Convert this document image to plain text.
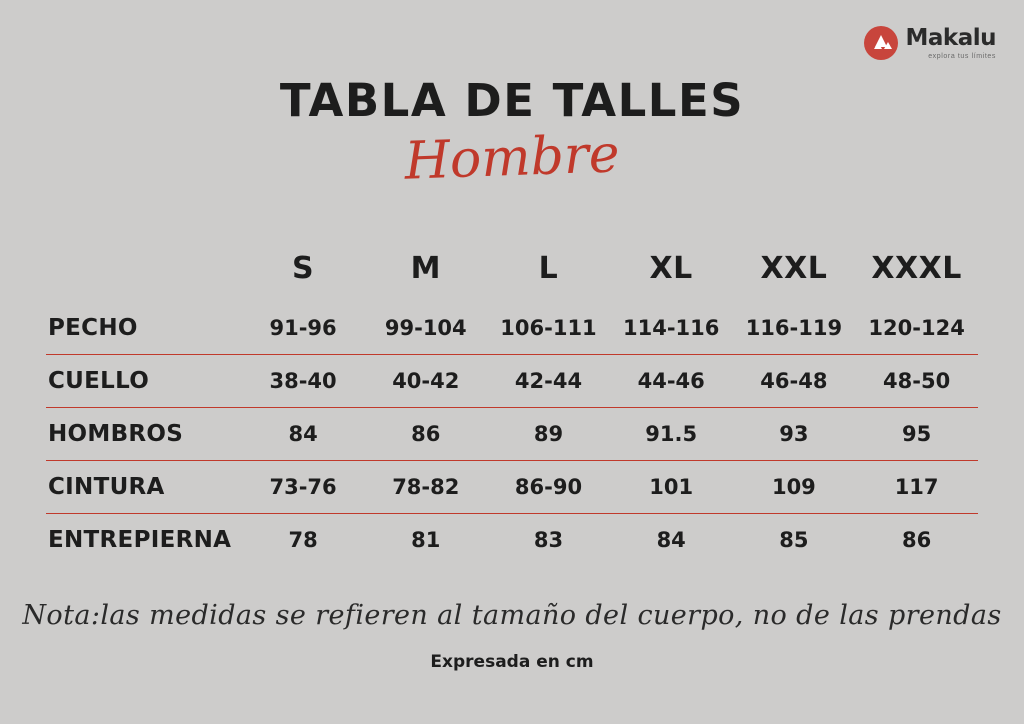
Makalu
explora tus límites
TABLA DE TALLES
Hombre
	S	M	L	XL	XXL	XXXL
PECHO	91-96	99-104	106-111	114-116	116-119	120-124
CUELLO	38-40	40-42	42-44	44-46	46-48	48-50
HOMBROS	84	86	89	91.5	93	95
CINTURA	73-76	78-82	86-90	101	109	117
ENTREPIERNA	78	81	83	84	85	86
Nota:las medidas se refieren al tamaño del cuerpo, no de las prendas
Expresada en cm
